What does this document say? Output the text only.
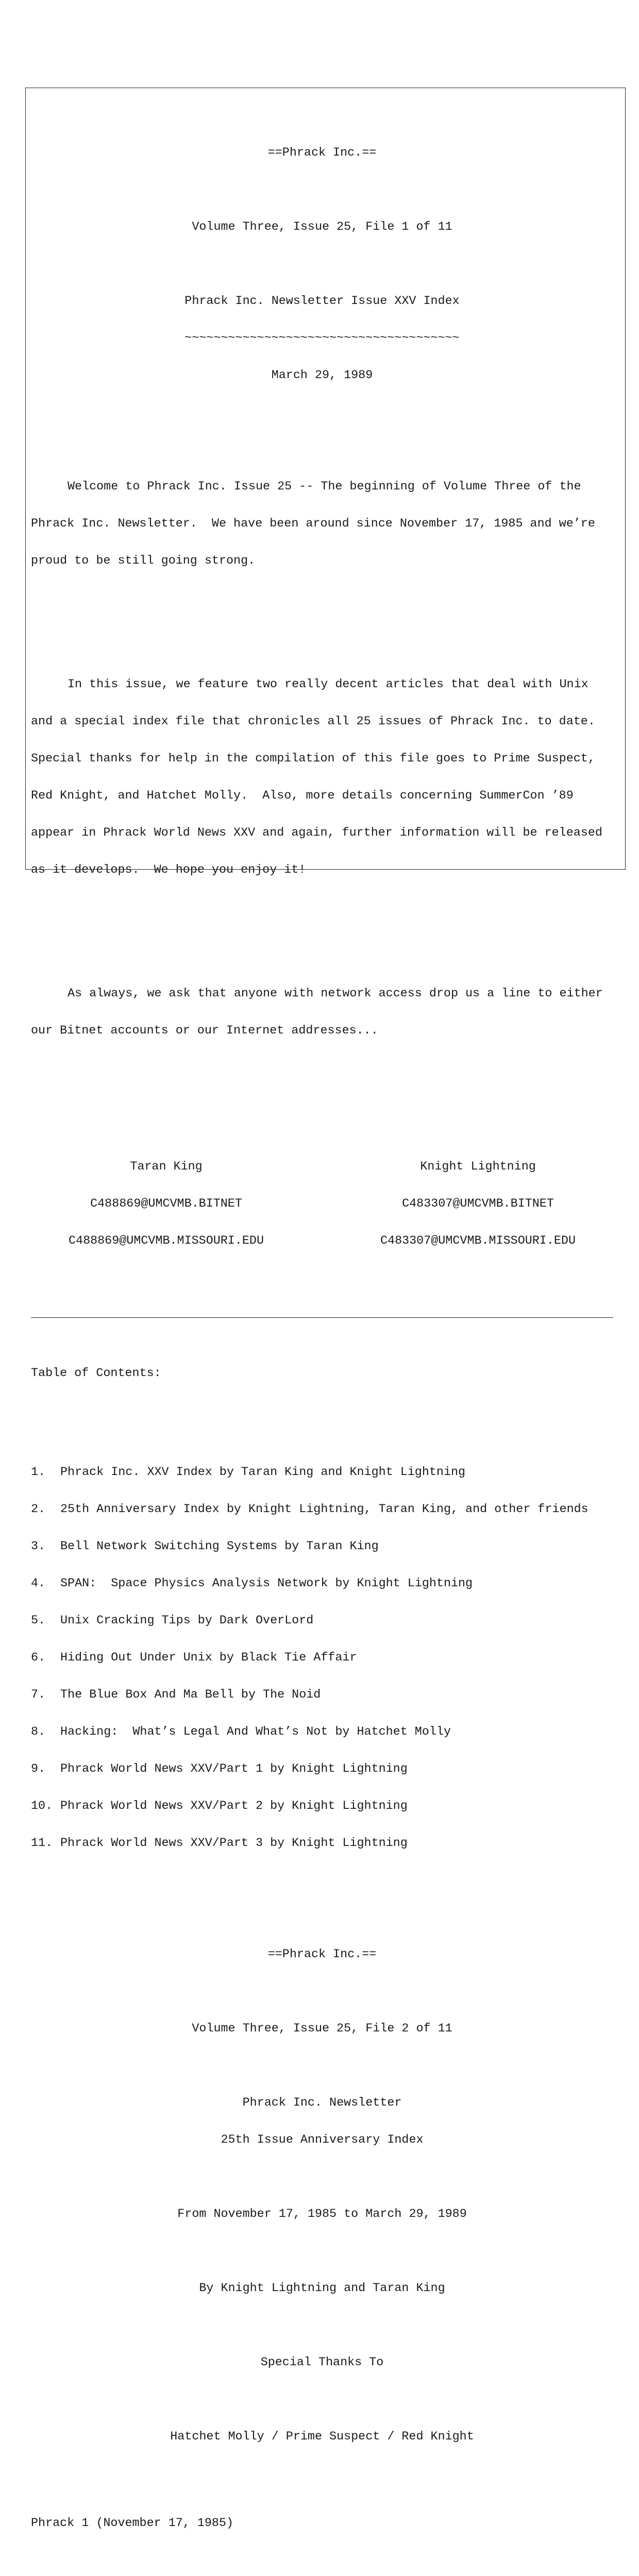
==Phrack Inc.==

Volume Three, Issue 25, File 1 of 11

Phrack Inc. Newsletter Issue XXV Index

~~~~~~~~~~~~~~~~~~~~~~~~~~~~~~~~~~~~~~

March 29, 1989

Welcome to Phrack Inc. Issue 25 -- The beginning of Volume Three of the

Phrack Inc. Newsletter.  We have been around since November 17, 1985 and we’re

proud to be still going strong.

In this issue, we feature two really decent articles that deal with Unix

and a special index file that chronicles all 25 issues of Phrack Inc. to date.

Special thanks for help in the compilation of this file goes to Prime Suspect,

Red Knight, and Hatchet Molly.  Also, more details concerning SummerCon ’89

appear in Phrack World News XXV and again, further information will be released

as it develops.  We hope you enjoy it!

As always, we ask that anyone with network access drop us a line to either

our Bitnet accounts or our Internet addresses...

Taran King

C488869@UMCVMB.BITNET

C488869@UMCVMB.MISSOURI.EDU

Knight Lightning

C483307@UMCVMB.BITNET

C483307@UMCVMB.MISSOURI.EDU

Table of Contents:

1.	Phrack Inc. XXV Index by Taran King and Knight Lightning

2.	25th Anniversary Index by Knight Lightning, Taran King, and other friends

3.	Bell Network Switching Systems by Taran King

4.	SPAN:  Space Physics Analysis Network by Knight Lightning

5.	Unix Cracking Tips by Dark OverLord

6.	Hiding Out Under Unix by Black Tie Affair

7.	The Blue Box And Ma Bell by The Noid

8.	Hacking:  What’s Legal And What’s Not by Hatchet Molly

9.	Phrack World News XXV/Part 1 by Knight Lightning

10. Phrack World News XXV/Part 2 by Knight Lightning

11. Phrack World News XXV/Part 3 by Knight Lightning

==Phrack Inc.==

Volume Three, Issue 25, File 2 of 11

Phrack Inc. Newsletter

25th Issue Anniversary Index

From November 17, 1985 to March 29, 1989

By Knight Lightning and Taran King

Special Thanks To

Hatchet Molly / Prime Suspect / Red Knight

Phrack 1 (November 17, 1985)
